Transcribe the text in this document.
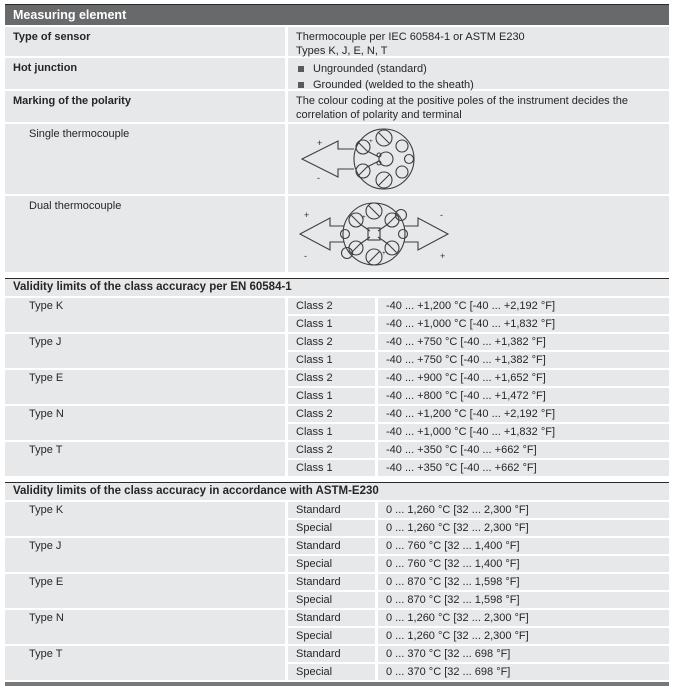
Measuring element
Type of sensor	Thermocouple per IEC 60584-1 or ASTM E230
Types K, J, E, N, T
Hot junction	Ungrounded (standard)
Grounded (welded to the sheath)
Marking of the polarity	The colour coding at the positive poles of the instrument decides the
correlation of polarity and terminal
Single thermocouple
+
-
+
Dual thermocouple
+
-
-
+
+
+
Validity limits of the class accuracy per EN 60584-1
Type K	Class 2	-40 ... +1,200 °C [-40 ... +2,192 °F]
Class 1	-40 ... +1,000 °C [-40 ... +1,832 °F]
Type J	Class 2	-40 ... +750 °C [-40 ... +1,382 °F]
Class 1	-40 ... +750 °C [-40 ... +1,382 °F]
Type E	Class 2	-40 ... +900 °C [-40 ... +1,652 °F]
Class 1	-40 ... +800 °C [-40 ... +1,472 °F]
Type N	Class 2	-40 ... +1,200 °C [-40 ... +2,192 °F]
Class 1	-40 ... +1,000 °C [-40 ... +1,832 °F]
Type T	Class 2	-40 ... +350 °C [-40 ... +662 °F]
Class 1	-40 ... +350 °C [-40 ... +662 °F]
Validity limits of the class accuracy in accordance with ASTM-E230
Type K	Standard	0 ... 1,260 °C [32 ... 2,300 °F]
Special	0 ... 1,260 °C [32 ... 2,300 °F]
Type J	Standard	0 ... 760 °C [32 ... 1,400 °F]
Special	0 ... 760 °C [32 ... 1,400 °F]
Type E	Standard	0 ... 870 °C [32 ... 1,598 °F]
Special	0 ... 870 °C [32 ... 1,598 °F]
Type N	Standard	0 ... 1,260 °C [32 ... 2,300 °F]
Special	0 ... 1,260 °C [32 ... 2,300 °F]
Type T	Standard	0 ... 370 °C [32 ... 698 °F]
Special	0 ... 370 °C [32 ... 698 °F]
